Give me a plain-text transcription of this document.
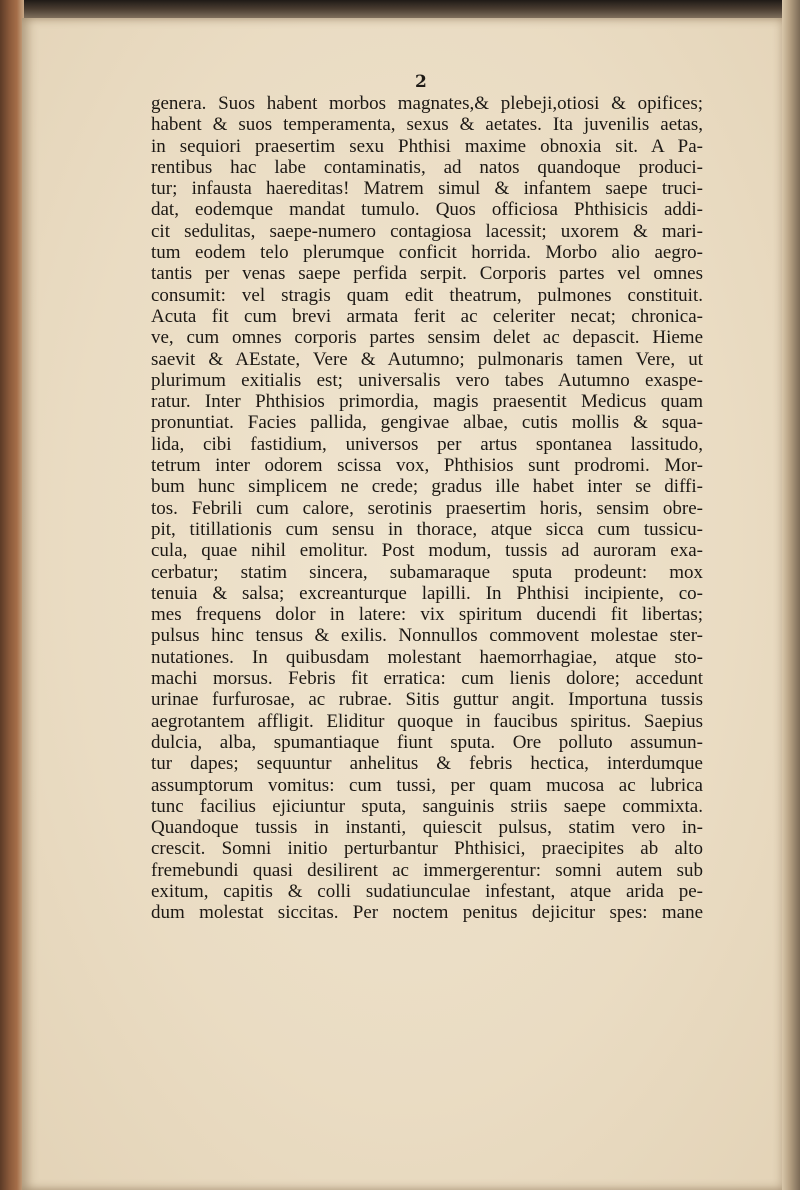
2
genera. Suos habent morbos magnates,& plebeji,otiosi & opifices;
habent & suos temperamenta, sexus & aetates. Ita juvenilis aetas,
in sequiori praesertim sexu Phthisi maxime obnoxia sit. A Pa-
rentibus hac labe contaminatis, ad natos quandoque produci-
tur; infausta haereditas! Matrem simul & infantem saepe truci-
dat, eodemque mandat tumulo. Quos officiosa Phthisicis addi-
cit sedulitas, saepe-numero contagiosa lacessit; uxorem & mari-
tum eodem telo plerumque conficit horrida. Morbo alio aegro-
tantis per venas saepe perfida serpit. Corporis partes vel omnes
consumit: vel stragis quam edit theatrum, pulmones constituit.
Acuta fit cum brevi armata ferit ac celeriter necat; chronica-
ve, cum omnes corporis partes sensim delet ac depascit. Hieme
saevit & AEstate, Vere & Autumno; pulmonaris tamen Vere, ut
plurimum exitialis est; universalis vero tabes Autumno exaspe-
ratur. Inter Phthisios primordia, magis praesentit Medicus quam
pronuntiat. Facies pallida, gengivae albae, cutis mollis & squa-
lida, cibi fastidium, universos per artus spontanea lassitudo,
tetrum inter odorem scissa vox, Phthisios sunt prodromi. Mor-
bum hunc simplicem ne crede; gradus ille habet inter se diffi-
tos. Febrili cum calore, serotinis praesertim horis, sensim obre-
pit, titillationis cum sensu in thorace, atque sicca cum tussicu-
cula, quae nihil emolitur. Post modum, tussis ad auroram exa-
cerbatur; statim sincera, subamaraque sputa prodeunt: mox
tenuia & salsa; excreanturque lapilli. In Phthisi incipiente, co-
mes frequens dolor in latere: vix spiritum ducendi fit libertas;
pulsus hinc tensus & exilis. Nonnullos commovent molestae ster-
nutationes. In quibusdam molestant haemorrhagiae, atque sto-
machi morsus. Febris fit erratica: cum lienis dolore; accedunt
urinae furfurosae, ac rubrae. Sitis guttur angit. Importuna tussis
aegrotantem affligit. Eliditur quoque in faucibus spiritus. Saepius
dulcia, alba, spumantiaque fiunt sputa. Ore polluto assumun-
tur dapes; sequuntur anhelitus & febris hectica, interdumque
assumptorum vomitus: cum tussi, per quam mucosa ac lubrica
tunc facilius ejiciuntur sputa, sanguinis striis saepe commixta.
Quandoque tussis in instanti, quiescit pulsus, statim vero in-
crescit. Somni initio perturbantur Phthisici, praecipites ab alto
fremebundi quasi desilirent ac immergerentur: somni autem sub
exitum, capitis & colli sudatiunculae infestant, atque arida pe-
dum molestat siccitas. Per noctem penitus dejicitur spes: mane
